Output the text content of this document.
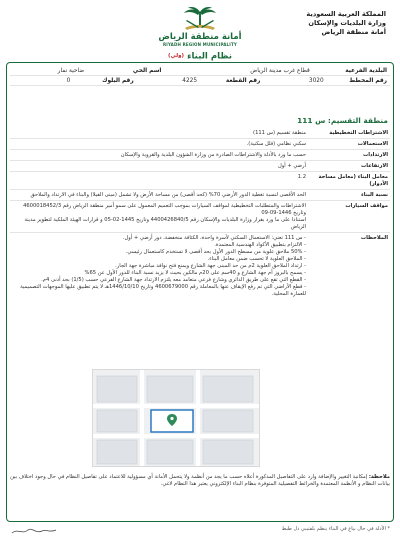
المملكة العربية السعودية
وزارة البلديات والإسكان
أمانة منطقة الرياض
أمانة منطقة الرياض
RIYADH REGION MUNICIPALITY
نظام البناء (ولي)
البلدية الفرعية
قطاع غرب مدينة الرياض
اسم الحي
ضاحية نمار
رقم المخطط
3020
رقم القطعة
4225
رقم البلوك
0
منطقة التقسيم: س 111
الاشتراطات التخطيطية
منطقة تقسيم (س 111)
الاستعمالات
سكني نظامي (فلل سكنية).
الارتدادات
حسب ما ورد بالأدلة والاشتراطات الصادرة من وزارة الشؤون البلدية والقروية والإسكان
الارتفاعات
أرضي + أول
معامل البناء (معامل مساحة الأدوار)
1.2
نسبة البناء
الحد الأقصى لنسبة تغطية الدور الأرضي 70% (كحد أقصى) من مساحة الأرض ولا تشمل (مبنى الفيلا) والبناء في الارتداد والملاحق
مواقف السيارات
الاشتراطات والمتطلبات التخطيطية لمواقف السيارات بموجب التعميم المعمول على سمو أمير منطقة الرياض رقم 4600018452/3 وتاريخ 1446-09-09
استنادا على ما ورد بقرار وزارة البلديات والإسكان رقم 4400426840/5 وتاريخ 1445-02-05 و قرارات الهيئة الملكية لتطوير مدينة الرياض
الملاحظات
- س 111 تعني: الاستعمال السكني لأسرة واحدة، الكثافة منخفضة، دور أرضي + أول.
- الالتزام بتطبيق الأكواد الهندسية المعتمدة.
- 50% ملاحق علوية من مسطح الدور الأول بحد أقصى لا تستخدم كاستعمال رئيسي.
- الملاحق العلوية لا تحسب ضمن معامل البناء.
- ارتداد الملاحق العلوية 2م من حد المبنى جهة الشارع ويمنع فتح نوافذ مباشرة جهة الجار.
- يسمح بالبروز أم جهة الشارع و 40سم على 20م مالكين بحيث لا يزيد نسبة البناء للدور الأول عن 65%
- القطع التي تقع على طريق الدائري وشارع فرعي متعامد معه يلتزم الارتداد جهة الشارع الفرعي حسب (1/5) بحد أدنى 4م.
- قطع الأراضي التي تم رفع الإيقاف عنها بالمعاملة رقم 4600679000 وتاريخ 1446/10/10هـ لا يتم تطبيق عليها الموجهات التصميمية للعمارة المحلية.
ملاحظة: إمكانية التغيير والإضافة وارد على التفاصيل المذكورة أعلاه حسب ما يجد من أنظمة ولا يتحمل الأمانة أي مسؤولية للاعتماد على تفاصيل النظام في حال وجود اختلاف بين بيانات النظام و الأنظمة المعتمدة والخرائط التفصيلية المتوفرة بنظام البناء الإلكتروني يعتبر هذا النظام لاغي.
* الأدلة في حال بياع في البناء ينظم بلفتيبي ذل طبط
